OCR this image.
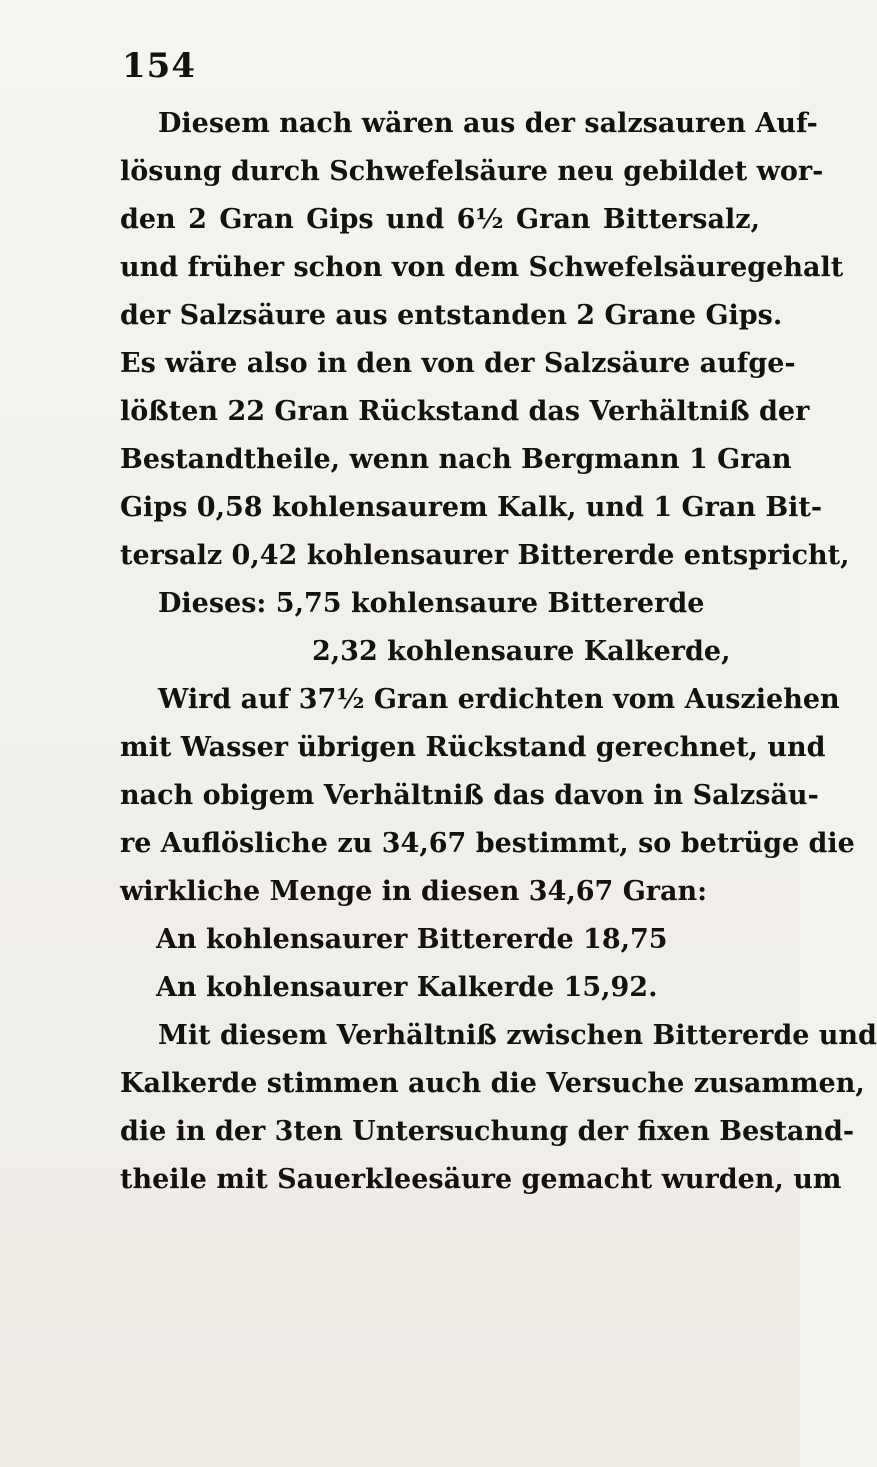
154
Diesem nach wären aus der salzsauren Auf-
lösung durch Schwefelsäure neu gebildet wor-
den 2 Gran Gips und 6½ Gran Bittersalz,
und früher schon von dem Schwefelsäuregehalt
der Salzsäure aus entstanden 2 Grane Gips.
Es wäre also in den von der Salzsäure aufge-
lößten 22 Gran Rückstand das Verhältniß der
Bestandtheile, wenn nach Bergmann 1 Gran
Gips 0,58 kohlensaurem Kalk, und 1 Gran Bit-
tersalz 0,42 kohlensaurer Bittererde entspricht,
Dieses: 5,75 kohlensaure Bittererde
2,32 kohlensaure Kalkerde,
Wird auf 37½ Gran erdichten vom Ausziehen
mit Wasser übrigen Rückstand gerechnet, und
nach obigem Verhältniß das davon in Salzsäu-
re Auflösliche zu 34,67 bestimmt, so betrüge die
wirkliche Menge in diesen 34,67 Gran:
An kohlensaurer Bittererde 18,75
An kohlensaurer Kalkerde 15,92.
Mit diesem Verhältniß zwischen Bittererde und
Kalkerde stimmen auch die Versuche zusammen,
die in der 3ten Untersuchung der fixen Bestand-
theile mit Sauerkleesäure gemacht wurden, um
